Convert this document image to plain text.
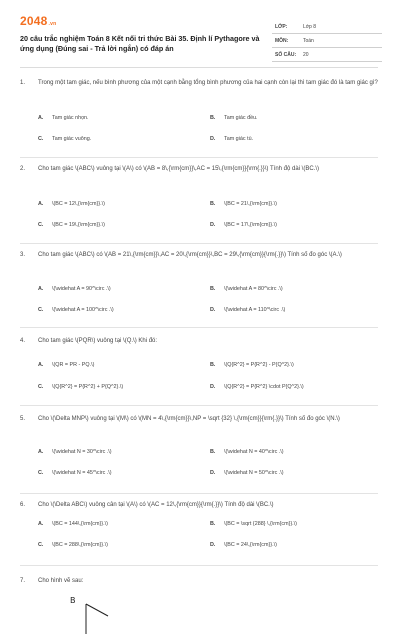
2048.vn
20 câu trắc nghiệm Toán 8 Kết nối tri thức Bài 35. Định lí Pythagore và ứng dụng (Đúng sai - Trả lời ngắn) có đáp án
LỚP:	Lớp 8
MÔN:	Toán
SỐ CÂU: 20
1. Trong một tam giác, nếu bình phương của một cạnh bằng tổng bình phương của hai cạnh còn lại thì tam giác đó là tam giác gì?
A. Tam giác nhọn.	B. Tam giác đều.
C. Tam giác vuông.	D. Tam giác tù.
2. Cho tam giác \(ABC\) vuông tại \(A\) có \(AB = 8\,{\rm{cm}}\,AC = 15\,{\rm{cm}}{\rm{.}}\) Tính độ dài \(BC.\)
A. \(BC = 12\,{\rm{cm}}.\)	B. \(BC = 21\,{\rm{cm}}.\)
C. \(BC = 19\,{\rm{cm}}.\)	D. \(BC = 17\,{\rm{cm}}.\)
3. Cho tam giác \(ABC\) có \(AB = 21\,{\rm{cm}}\,AC = 20\,{\rm{cm}}\,BC = 29\,{\rm{cm}}{\rm{.}}\) Tính số đo góc \(A.\)
A. \(\widehat A = 90^\circ .\)	B. \(\widehat A = 80^\circ .\)
C. \(\widehat A = 100^\circ .\)	D. \(\widehat A = 110^\circ .\)
4. Cho tam giác \(PQR\) vuông tại \(Q.\) Khi đó:
A. \(QR = PR - PQ.\)	B. \(Q{R^2} = P{R^2} - P{Q^2}.\)
C. \(Q{R^2} = P{R^2} + P{Q^2}.\)	D. \(Q{R^2} = P{R^2} \cdot P{Q^2}.\)
5. Cho \(\Delta MNP\) vuông tại \(M\) có \(MN = 4\,{\rm{cm}}\,NP = \sqrt {32} \,{\rm{cm}}{\rm{.}}\) Tính số đo góc \(N.\)
A. \(\widehat N = 30^\circ .\)	B. \(\widehat N = 40^\circ .\)
C. \(\widehat N = 45^\circ .\)	D. \(\widehat N = 50^\circ .\)
6. Cho \(\Delta ABC\) vuông cân tại \(A\) có \(AC = 12\,{\rm{cm}}{\rm{.}}\) Tính độ dài \(BC.\)
A. \(BC = 144\,{\rm{cm}}.\)	B. \(BC = \sqrt {288} \,{\rm{cm}}.\)
C. \(BC = 288\,{\rm{cm}}.\)	D. \(BC = 24\,{\rm{cm}}.\)
7. Cho hình vẽ sau:
B
